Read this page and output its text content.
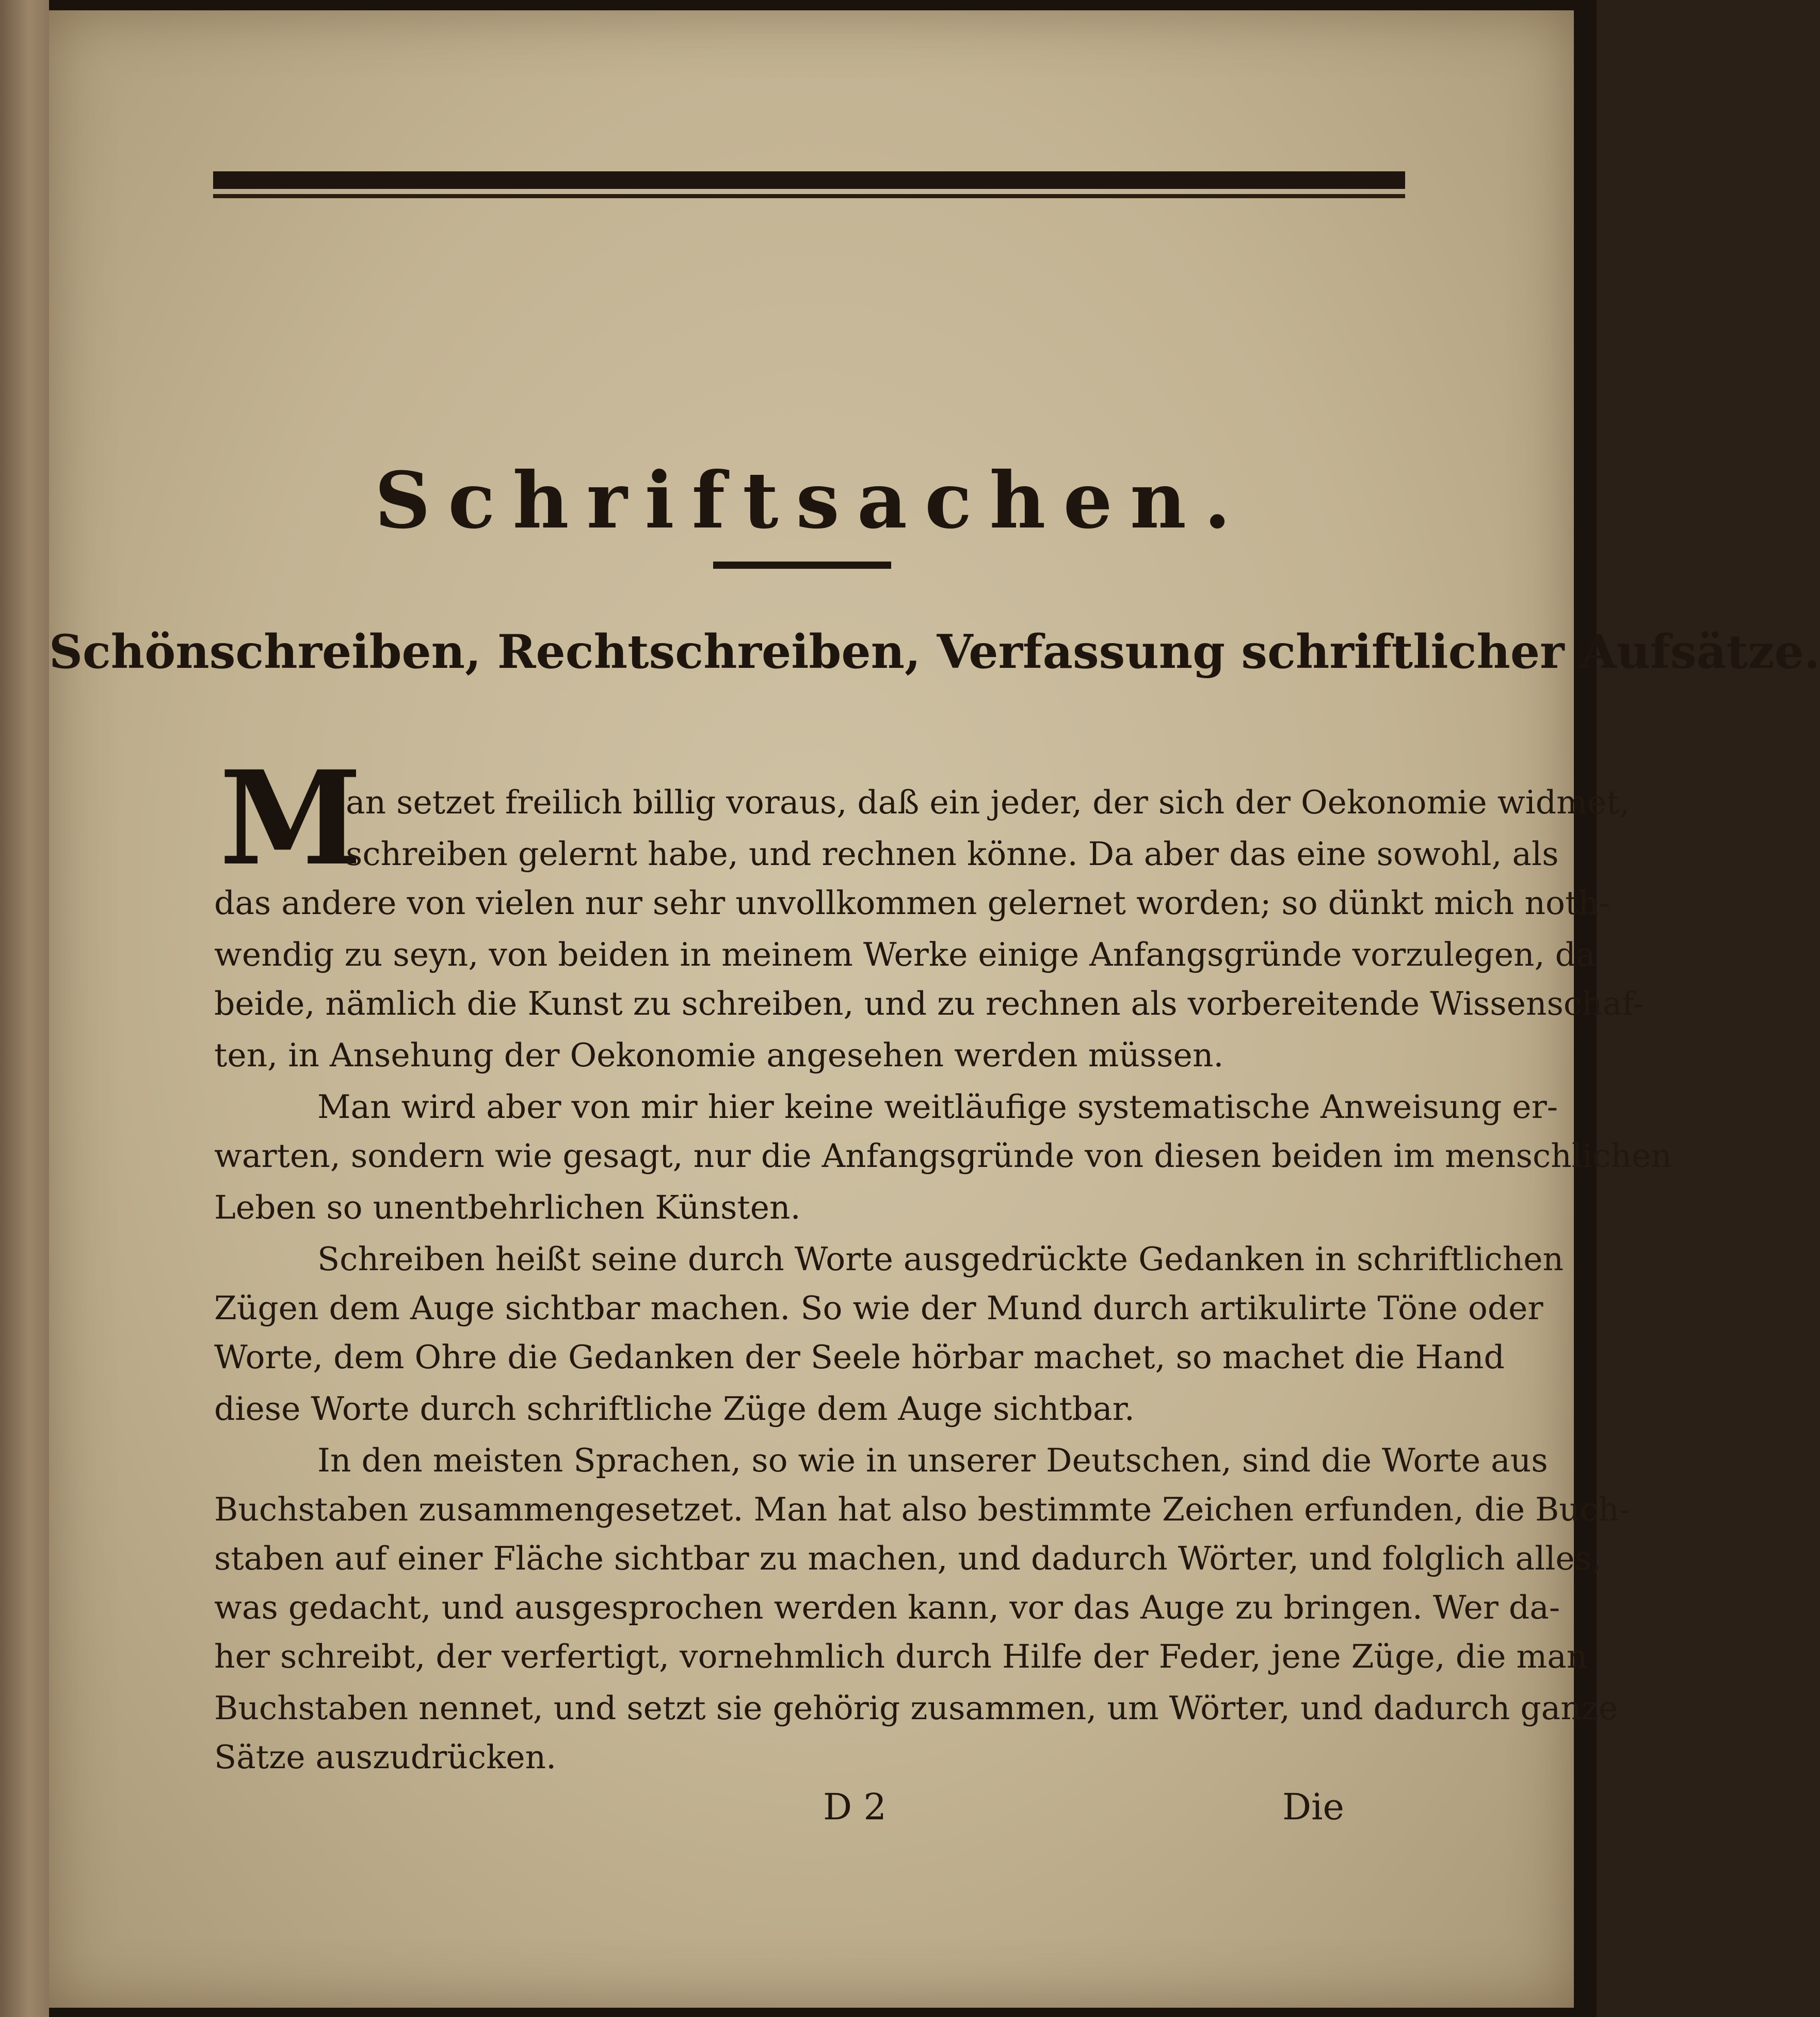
Schriftsachen.
Schönschreiben, Rechtschreiben, Verfassung schriftlicher Aufsätze.
M
an setzet freilich billig voraus, daß ein jeder, der sich der Oekonomie widmet,
schreiben gelernt habe, und rechnen könne. Da aber das eine sowohl, als
das andere von vielen nur sehr unvollkommen gelernet worden; so dünkt mich noth-
wendig zu seyn, von beiden in meinem Werke einige Anfangsgründe vorzulegen, da
beide, nämlich die Kunst zu schreiben, und zu rechnen als vorbereitende Wissenschaf-
ten, in Ansehung der Oekonomie angesehen werden müssen.
Man wird aber von mir hier keine weitläufige systematische Anweisung er-
warten, sondern wie gesagt, nur die Anfangsgründe von diesen beiden im menschlichen
Leben so unentbehrlichen Künsten.
Schreiben heißt seine durch Worte ausgedrückte Gedanken in schriftlichen
Zügen dem Auge sichtbar machen. So wie der Mund durch artikulirte Töne oder
Worte, dem Ohre die Gedanken der Seele hörbar machet, so machet die Hand
diese Worte durch schriftliche Züge dem Auge sichtbar.
In den meisten Sprachen, so wie in unserer Deutschen, sind die Worte aus
Buchstaben zusammengesetzet. Man hat also bestimmte Zeichen erfunden, die Buch-
staben auf einer Fläche sichtbar zu machen, und dadurch Wörter, und folglich alles,
was gedacht, und ausgesprochen werden kann, vor das Auge zu bringen. Wer da-
her schreibt, der verfertigt, vornehmlich durch Hilfe der Feder, jene Züge, die man
Buchstaben nennet, und setzt sie gehörig zusammen, um Wörter, und dadurch ganze
Sätze auszudrücken.
D 2	Die
